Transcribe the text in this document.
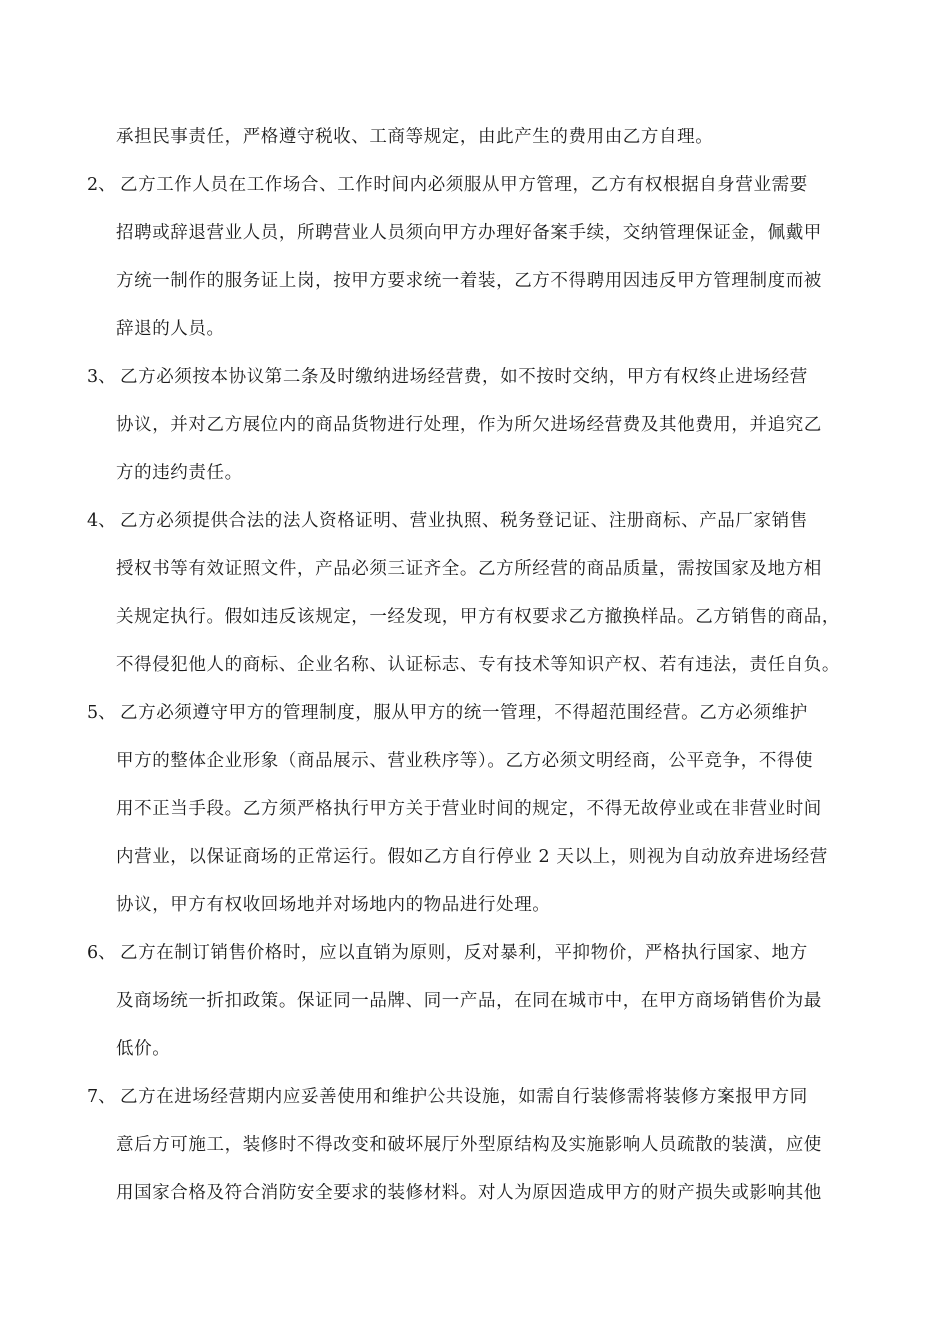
承担民事责任，严格遵守税收、工商等规定，由此产生的费用由乙方自理。
2、 乙方工作人员在工作场合、工作时间内必须服从甲方管理，乙方有权根据自身营业需要
招聘或辞退营业人员，所聘营业人员须向甲方办理好备案手续，交纳管理保证金，佩戴甲
方统一制作的服务证上岗，按甲方要求统一着装，乙方不得聘用因违反甲方管理制度而被
辞退的人员。
3、 乙方必须按本协议第二条及时缴纳进场经营费，如不按时交纳，甲方有权终止进场经营
协议，并对乙方展位内的商品货物进行处理，作为所欠进场经营费及其他费用，并追究乙
方的违约责任。
4、 乙方必须提供合法的法人资格证明、营业执照、税务登记证、注册商标、产品厂家销售
授权书等有效证照文件，产品必须三证齐全。乙方所经营的商品质量，需按国家及地方相
关规定执行。假如违反该规定，一经发现，甲方有权要求乙方撤换样品。乙方销售的商品，
不得侵犯他人的商标、企业名称、认证标志、专有技术等知识产权、若有违法，责任自负。
5、 乙方必须遵守甲方的管理制度，服从甲方的统一管理，不得超范围经营。乙方必须维护
甲方的整体企业形象（商品展示、营业秩序等）。乙方必须文明经商，公平竞争，不得使
用不正当手段。乙方须严格执行甲方关于营业时间的规定，不得无故停业或在非营业时间
内营业，以保证商场的正常运行。假如乙方自行停业 2 天以上，则视为自动放弃进场经营
协议，甲方有权收回场地并对场地内的物品进行处理。
6、 乙方在制订销售价格时，应以直销为原则，反对暴利，平抑物价，严格执行国家、地方
及商场统一折扣政策。保证同一品牌、同一产品，在同在城市中，在甲方商场销售价为最
低价。
7、 乙方在进场经营期内应妥善使用和维护公共设施，如需自行装修需将装修方案报甲方同
意后方可施工，装修时不得改变和破坏展厅外型原结构及实施影响人员疏散的装潢，应使
用国家合格及符合消防安全要求的装修材料。对人为原因造成甲方的财产损失或影响其他
